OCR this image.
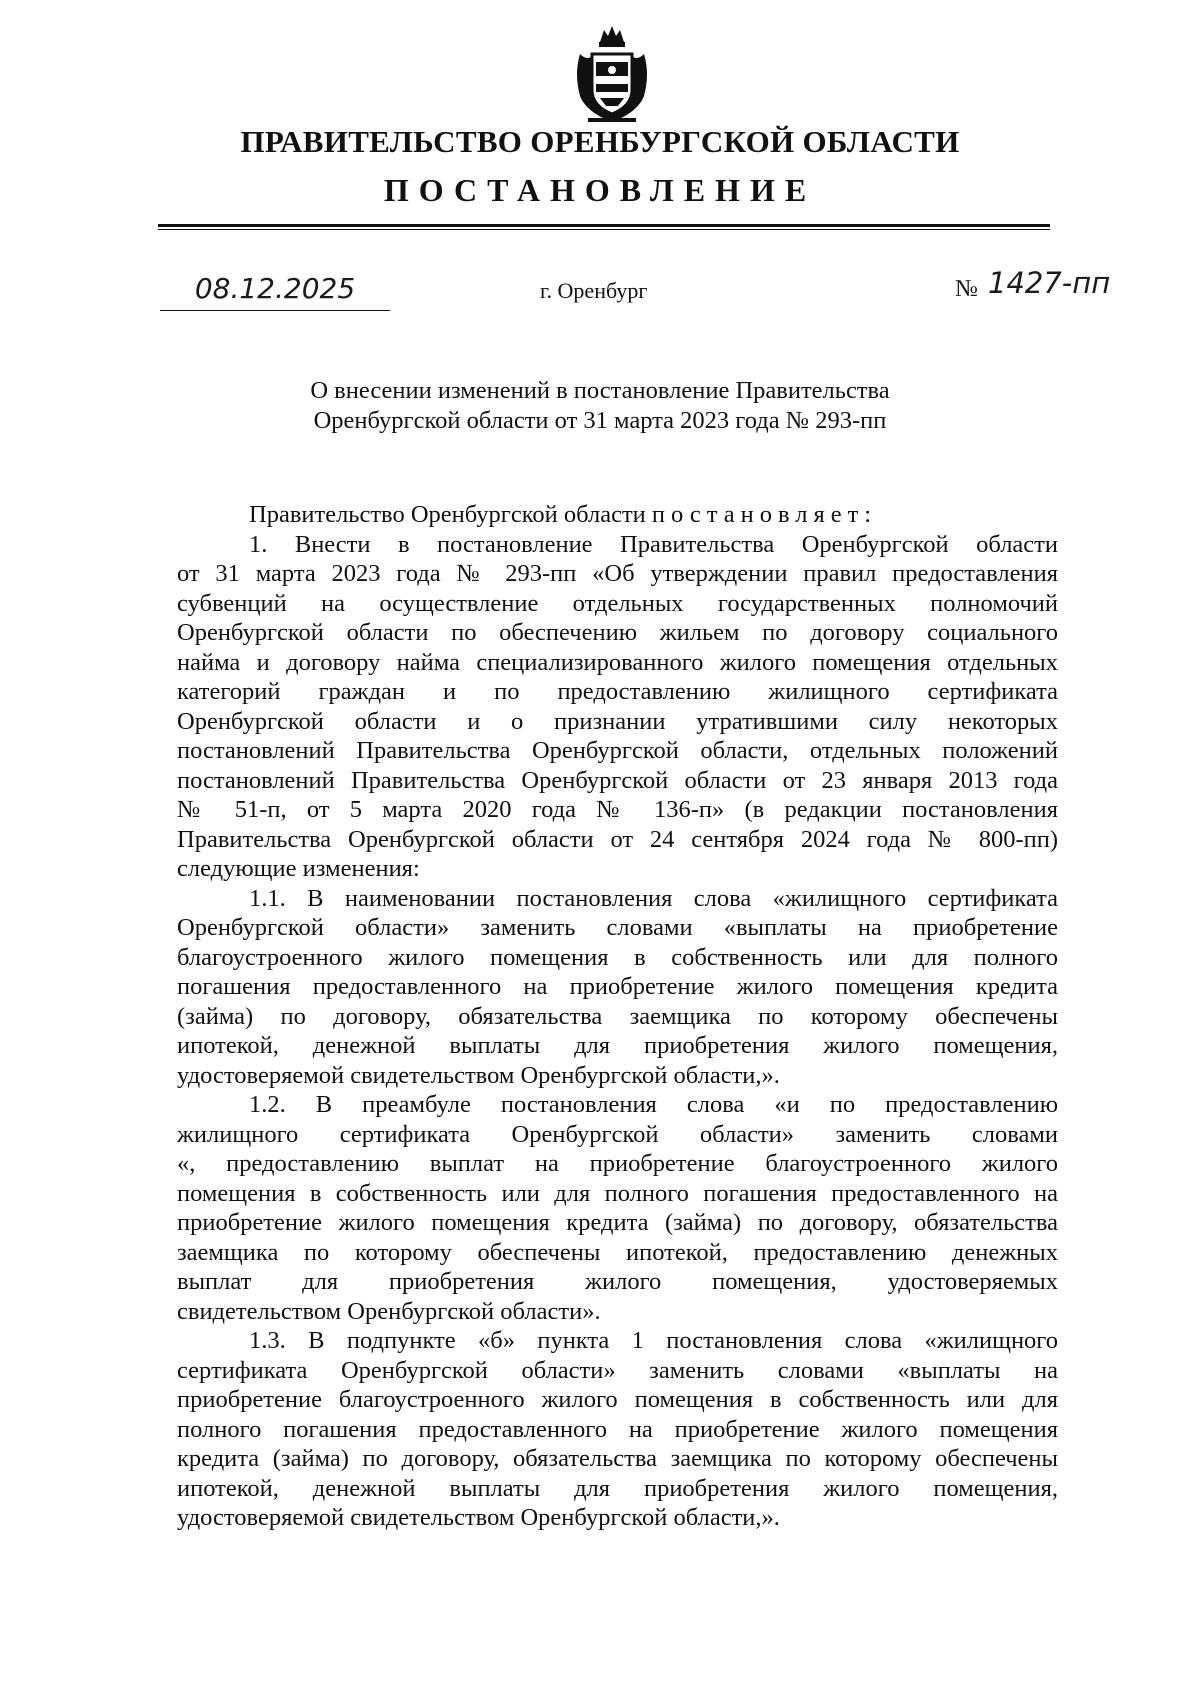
ПРАВИТЕЛЬСТВО ОРЕНБУРГСКОЙ ОБЛАСТИ
ПОСТАНОВЛЕНИЕ
08.12.2025	г. Оренбург	№ 1427-пп
О внесении изменений в постановление Правительства
Оренбургской области от 31 марта 2023 года № 293-пп
Правительство Оренбургской области постановляет:
1. Внести в постановление Правительства Оренбургской области
от 31 марта 2023 года № 293-пп «Об утверждении правил предоставления
субвенций на осуществление отдельных государственных полномочий
Оренбургской области по обеспечению жильем по договору социального
найма и договору найма специализированного жилого помещения отдельных
категорий граждан и по предоставлению жилищного сертификата
Оренбургской области и о признании утратившими силу некоторых
постановлений Правительства Оренбургской области, отдельных положений
постановлений Правительства Оренбургской области от 23 января 2013 года
№ 51-п, от 5 марта 2020 года № 136-п» (в редакции постановления
Правительства Оренбургской области от 24 сентября 2024 года № 800-пп)
следующие изменения:
1.1. В наименовании постановления слова «жилищного сертификата
Оренбургской области» заменить словами «выплаты на приобретение
благоустроенного жилого помещения в собственность или для полного
погашения предоставленного на приобретение жилого помещения кредита
(займа) по договору, обязательства заемщика по которому обеспечены
ипотекой, денежной выплаты для приобретения жилого помещения,
удостоверяемой свидетельством Оренбургской области,».
1.2. В преамбуле постановления слова «и по предоставлению
жилищного сертификата Оренбургской области» заменить словами
«, предоставлению выплат на приобретение благоустроенного жилого
помещения в собственность или для полного погашения предоставленного на
приобретение жилого помещения кредита (займа) по договору, обязательства
заемщика по которому обеспечены ипотекой, предоставлению денежных
выплат для приобретения жилого помещения, удостоверяемых
свидетельством Оренбургской области».
1.3. В подпункте «б» пункта 1 постановления слова «жилищного
сертификата Оренбургской области» заменить словами «выплаты на
приобретение благоустроенного жилого помещения в собственность или для
полного погашения предоставленного на приобретение жилого помещения
кредита (займа) по договору, обязательства заемщика по которому обеспечены
ипотекой, денежной выплаты для приобретения жилого помещения,
удостоверяемой свидетельством Оренбургской области,».
